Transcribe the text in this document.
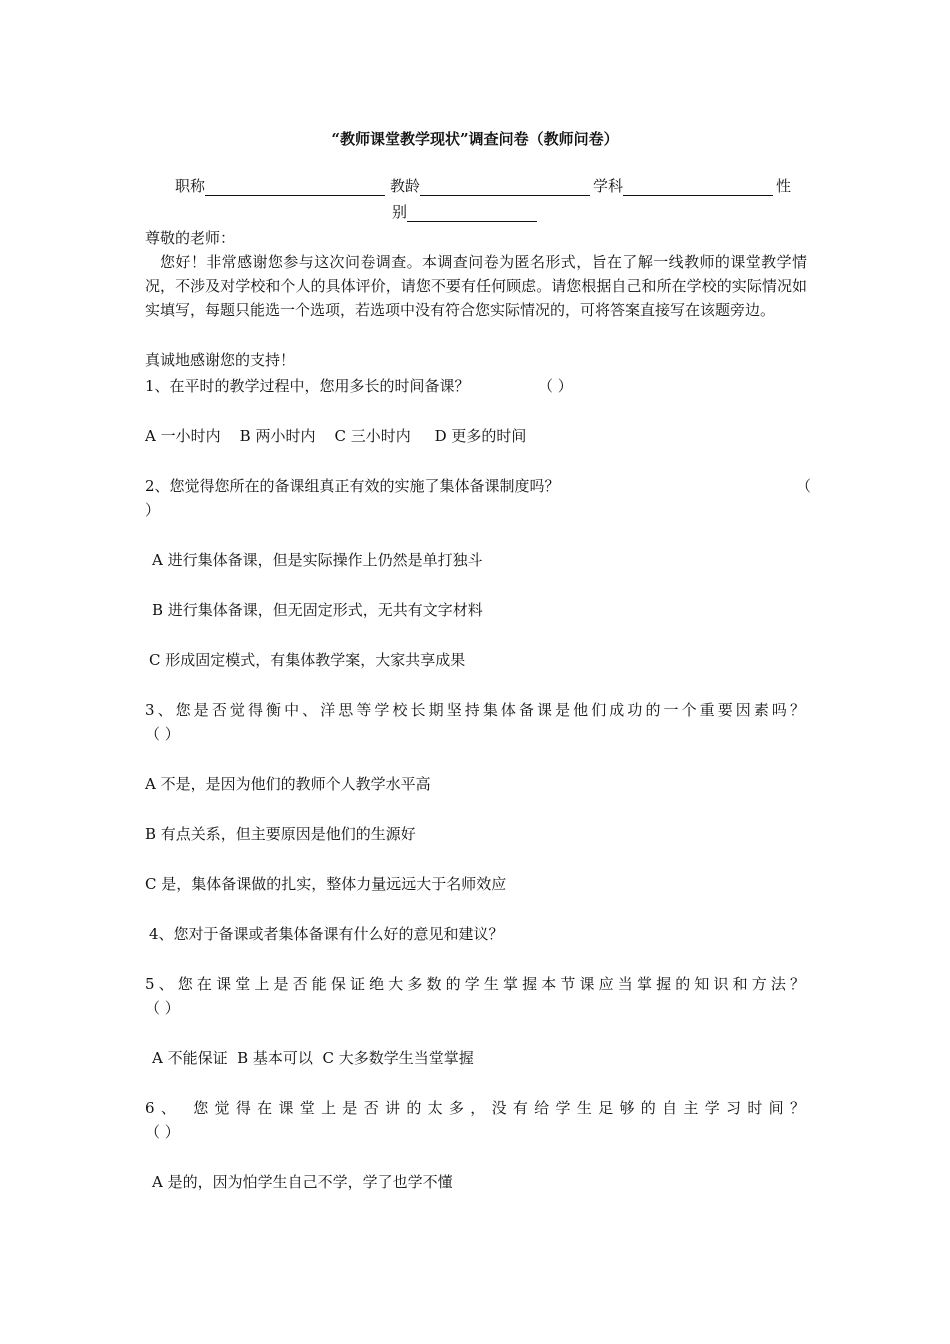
“教师课堂教学现状”调查问卷（教师问卷）
职称	教龄	学科	性
别
尊敬的老师：
您好！非常感谢您参与这次问卷调查。本调查问卷为匿名形式，旨在了解一线教师的课堂教学情况，不涉及对学校和个人的具体评价，请您不要有任何顾虑。请您根据自己和所在学校的实际情况如实填写，每题只能选一个选项，若选项中没有符合您实际情况的，可将答案直接写在该题旁边。
真诚地感谢您的支持！
1、在平时的教学过程中，您用多长的时间备课？	（ ）
A 一小时内    B 两小时内    C 三小时内     D 更多的时间
2、您觉得您所在的备课组真正有效的实施了集体备课制度吗？	（
）
A 进行集体备课，但是实际操作上仍然是单打独斗
B 进行集体备课，但无固定形式，无共有文字材料
C 形成固定模式，有集体教学案，大家共享成果
3、您是否觉得衡中、洋思等学校长期坚持集体备课是他们成功的一个重要因素吗？
（ ）
A 不是，是因为他们的教师个人教学水平高
B 有点关系，但主要原因是他们的生源好
C 是，集体备课做的扎实，整体力量远远大于名师效应
4、您对于备课或者集体备课有什么好的意见和建议？
5、您在课堂上是否能保证绝大多数的学生掌握本节课应当掌握的知识和方法？
（ ）
A 不能保证  B 基本可以  C 大多数学生当堂掌握
6、 您觉得在课堂上是否讲的太多，没有给学生足够的自主学习时间？
（ ）
A 是的，因为怕学生自己不学，学了也学不懂
